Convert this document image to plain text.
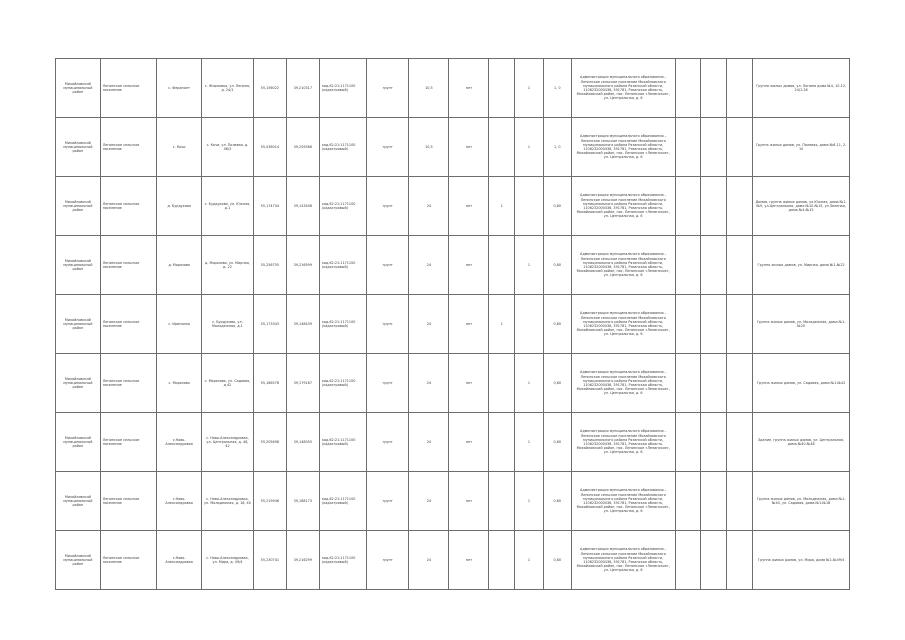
Михайловский муниципальный район	Ленинское сельское поселение	с. Ферапонт	с. Жирновка, ул. Ленина, д. 24/1	55,156022	39,210317	кад.62:21:1171100 (кадастровый)	грунт	10,5	нет		1	1, 0	Администрация муниципального образования – Ленинское сельское поселение Михайловского муниципального района Рязанской области, 1106232000436, 391781, Рязанская область, Михайловский район, пос. Ленинское «Ленинское», ул. Центральная, д. 6				Группа жилых домов, ул. Ленина дома №4, 10-12, 24/1-26
Михайловский муниципальный район	Ленинское сельское поселение	с. Кочи	с. Кочи, ул. Полевая, д. 46/3	55,036014	39,205566	кад.62:21:1171100 (кадастровый)	грунт	10,5	нет		1	1, 0	Администрация муниципального образования – Ленинское сельское поселение Михайловского муниципального района Рязанской области, 1106232000436, 391781, Рязанская область, Михайловский район, пос. Ленинское «Ленинское», ул. Центральная, д. 6				Группа жилых домов, ул. Полевая, дома №6-11, 2-10
Михайловский муниципальный район	Ленинское сельское поселение	д. Бурдуково	с. Бурдуково, ул. Южная, д.1	55,174704	39,143498	кад.62:21:1171100 (кадастровый)	грунт	24	нет	1		0,80	Администрация муниципального образования – Ленинское сельское поселение Михайловского муниципального района Рязанской области, 1106232000436, 391781, Рязанская область, Михайловский район, пос. Ленинское «Ленинское», ул. Центральная, д. 6				Домов, группа жилых домов, ул.Южная, дома №1-№9, ул.Центральная, дома №10-№15, ул.Зеленая, дома №4-№15
Михайловский муниципальный район	Ленинское сельское поселение	д. Морозово	д. Морозово, ул. Мирная, д. 22	55,256755	39,216599	кад.62:21:1171100 (кадастровый)	грунт	24	нет		1	0,80	Администрация муниципального образования – Ленинское сельское поселение Михайловского муниципального района Рязанской области, 1106232000436, 391781, Рязанская область, Михайловский район, пос. Ленинское «Ленинское», ул. Центральная, д. 6				Группа жилых домов, ул. Мирная, дома №1-№22
Михайловский муниципальный район	Ленинское сельское поселение	с. Ирининка	с. Бурдуково, ул. Молодежная, д.1	55,173343	39,148439	кад.62:21:1171100 (кадастровый)	грунт	24	нет	1		0,80	Администрация муниципального образования – Ленинское сельское поселение Михайловского муниципального района Рязанской области, 1106232000436, 391781, Рязанская область, Михайловский район, пос. Ленинское «Ленинское», ул. Центральная, д. 6				Группа жилых домов, ул. Молодежная, дома №1-№20
Михайловский муниципальный район	Ленинское сельское поселение	с. Морозово	с. Морозово, ул. Садовая, д.42	55,186578	39,179187	кад.62:21:1171100 (кадастровый)	грунт	24	нет		1	0,80	Администрация муниципального образования – Ленинское сельское поселение Михайловского муниципального района Рязанской области, 1106232000436, 391781, Рязанская область, Михайловский район, пос. Ленинское «Ленинское», ул. Центральная, д. 6				Группа жилых домов, ул. Садовая, дома №1-№42
Михайловский муниципальный район	Ленинское сельское поселение	с.Ново-Александровка	с. Ново-Александровка, ул. Центральная, д. 48, 42	55,205698	39,148055	кад.62:21:1171100 (кадастровый)	грунт	24	нет		1	0,80	Администрация муниципального образования – Ленинское сельское поселение Михайловского муниципального района Рязанской области, 1106232000436, 391781, Рязанская область, Михайловский район, пос. Ленинское «Ленинское», ул. Центральная, д. 6				Здание, группа жилых домов, ул. Центральная, дома №40-№48
Михайловский муниципальный район	Ленинское сельское поселение	с.Ново-Александровка	с. Ново-Александровка, ул. Молодежная, д. 16, 40	55,219946	39,188173	кад.62:21:1171100 (кадастровый)	грунт	24	нет		1	0,80	Администрация муниципального образования – Ленинское сельское поселение Михайловского муниципального района Рязанской области, 1106232000436, 391781, Рязанская область, Михайловский район, пос. Ленинское «Ленинское», ул. Центральная, д. 6				Группа жилых домов, ул. Молодежная, дома №1-№40, ул. Садовая, дома №1-№18
Михайловский муниципальный район	Ленинское сельское поселение	с.Ново-Александровка	с. Ново-Александровка, ул. Мира, д. 49/4	55,230741	39,216299	кад.62:21:1171100 (кадастровый)	грунт	24	нет		1	0,80	Администрация муниципального образования – Ленинское сельское поселение Михайловского муниципального района Рязанской области, 1106232000436, 391781, Рязанская область, Михайловский район, пос. Ленинское «Ленинское», ул. Центральная, д. 6				Группа жилых домов, ул. Мира, дома №1-№49/4
